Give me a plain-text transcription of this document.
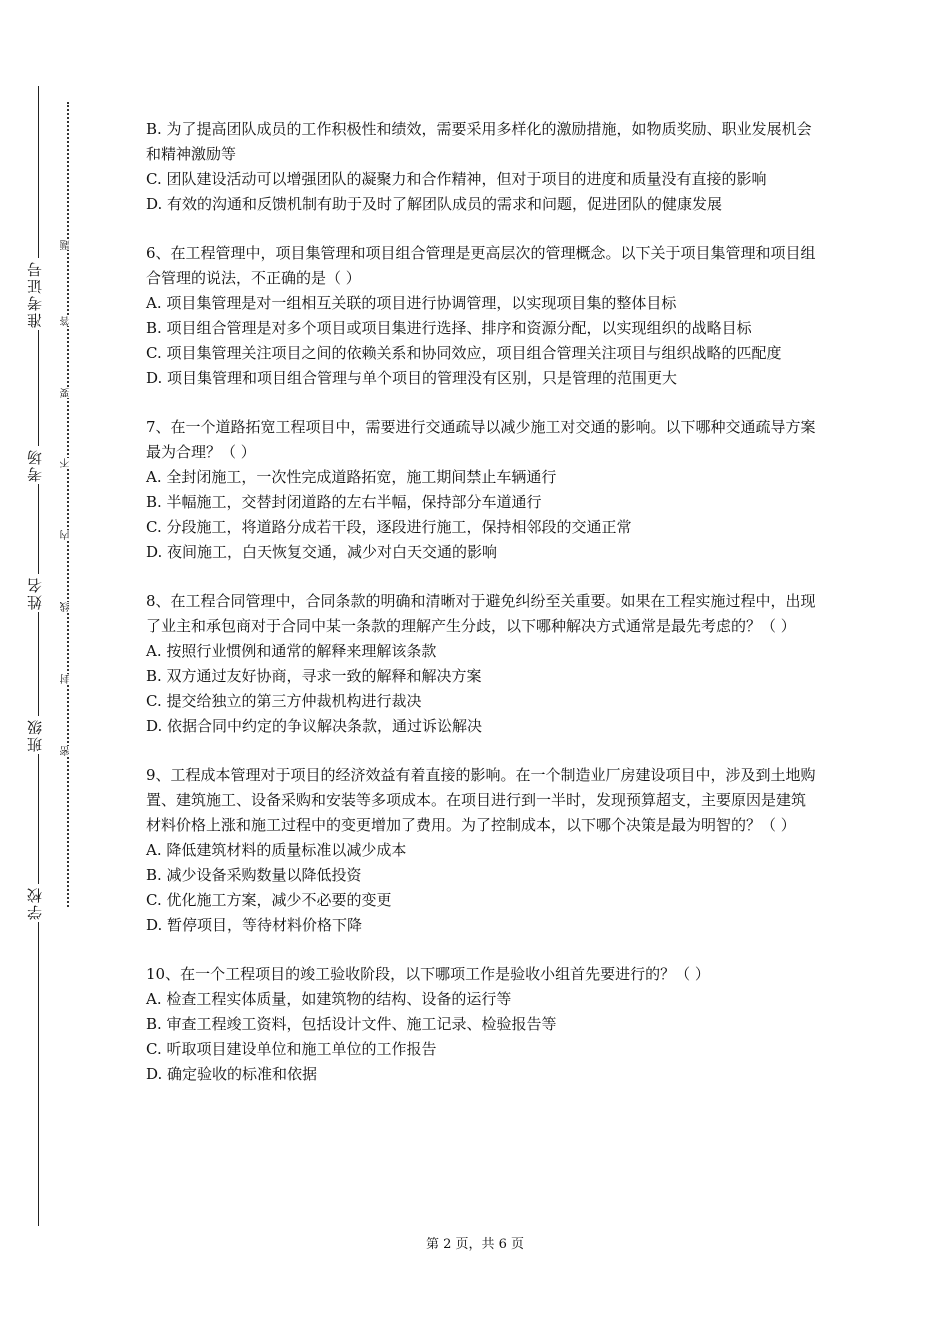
准考证号
考场
姓名
班级
学校
题
答
要
不
内
线
封
密

B. 为了提高团队成员的工作积极性和绩效，需要采用多样化的激励措施，如物质奖励、职业发展机会和精神激励等

C. 团队建设活动可以增强团队的凝聚力和合作精神，但对于项目的进度和质量没有直接的影响

D. 有效的沟通和反馈机制有助于及时了解团队成员的需求和问题，促进团队的健康发展

6、在工程管理中，项目集管理和项目组合管理是更高层次的管理概念。以下关于项目集管理和项目组合管理的说法，不正确的是（ ）

A. 项目集管理是对一组相互关联的项目进行协调管理，以实现项目集的整体目标

B. 项目组合管理是对多个项目或项目集进行选择、排序和资源分配，以实现组织的战略目标

C. 项目集管理关注项目之间的依赖关系和协同效应，项目组合管理关注项目与组织战略的匹配度

D. 项目集管理和项目组合管理与单个项目的管理没有区别，只是管理的范围更大

7、在一个道路拓宽工程项目中，需要进行交通疏导以减少施工对交通的影响。以下哪种交通疏导方案最为合理？（ ）

A. 全封闭施工，一次性完成道路拓宽，施工期间禁止车辆通行

B. 半幅施工，交替封闭道路的左右半幅，保持部分车道通行

C. 分段施工，将道路分成若干段，逐段进行施工，保持相邻段的交通正常

D. 夜间施工，白天恢复交通，减少对白天交通的影响

8、在工程合同管理中，合同条款的明确和清晰对于避免纠纷至关重要。如果在工程实施过程中，出现了业主和承包商对于合同中某一条款的理解产生分歧，以下哪种解决方式通常是最先考虑的？（ ）

A. 按照行业惯例和通常的解释来理解该条款

B. 双方通过友好协商，寻求一致的解释和解决方案

C. 提交给独立的第三方仲裁机构进行裁决

D. 依据合同中约定的争议解决条款，通过诉讼解决

9、工程成本管理对于项目的经济效益有着直接的影响。在一个制造业厂房建设项目中，涉及到土地购置、建筑施工、设备采购和安装等多项成本。在项目进行到一半时，发现预算超支，主要原因是建筑材料价格上涨和施工过程中的变更增加了费用。为了控制成本，以下哪个决策是最为明智的？（ ）

A. 降低建筑材料的质量标准以减少成本

B. 减少设备采购数量以降低投资

C. 优化施工方案，减少不必要的变更

D. 暂停项目，等待材料价格下降

10、在一个工程项目的竣工验收阶段，以下哪项工作是验收小组首先要进行的？（ ）

A. 检查工程实体质量，如建筑物的结构、设备的运行等

B. 审查工程竣工资料，包括设计文件、施工记录、检验报告等

C. 听取项目建设单位和施工单位的工作报告

D. 确定验收的标准和依据

第 2 页，共 6 页
